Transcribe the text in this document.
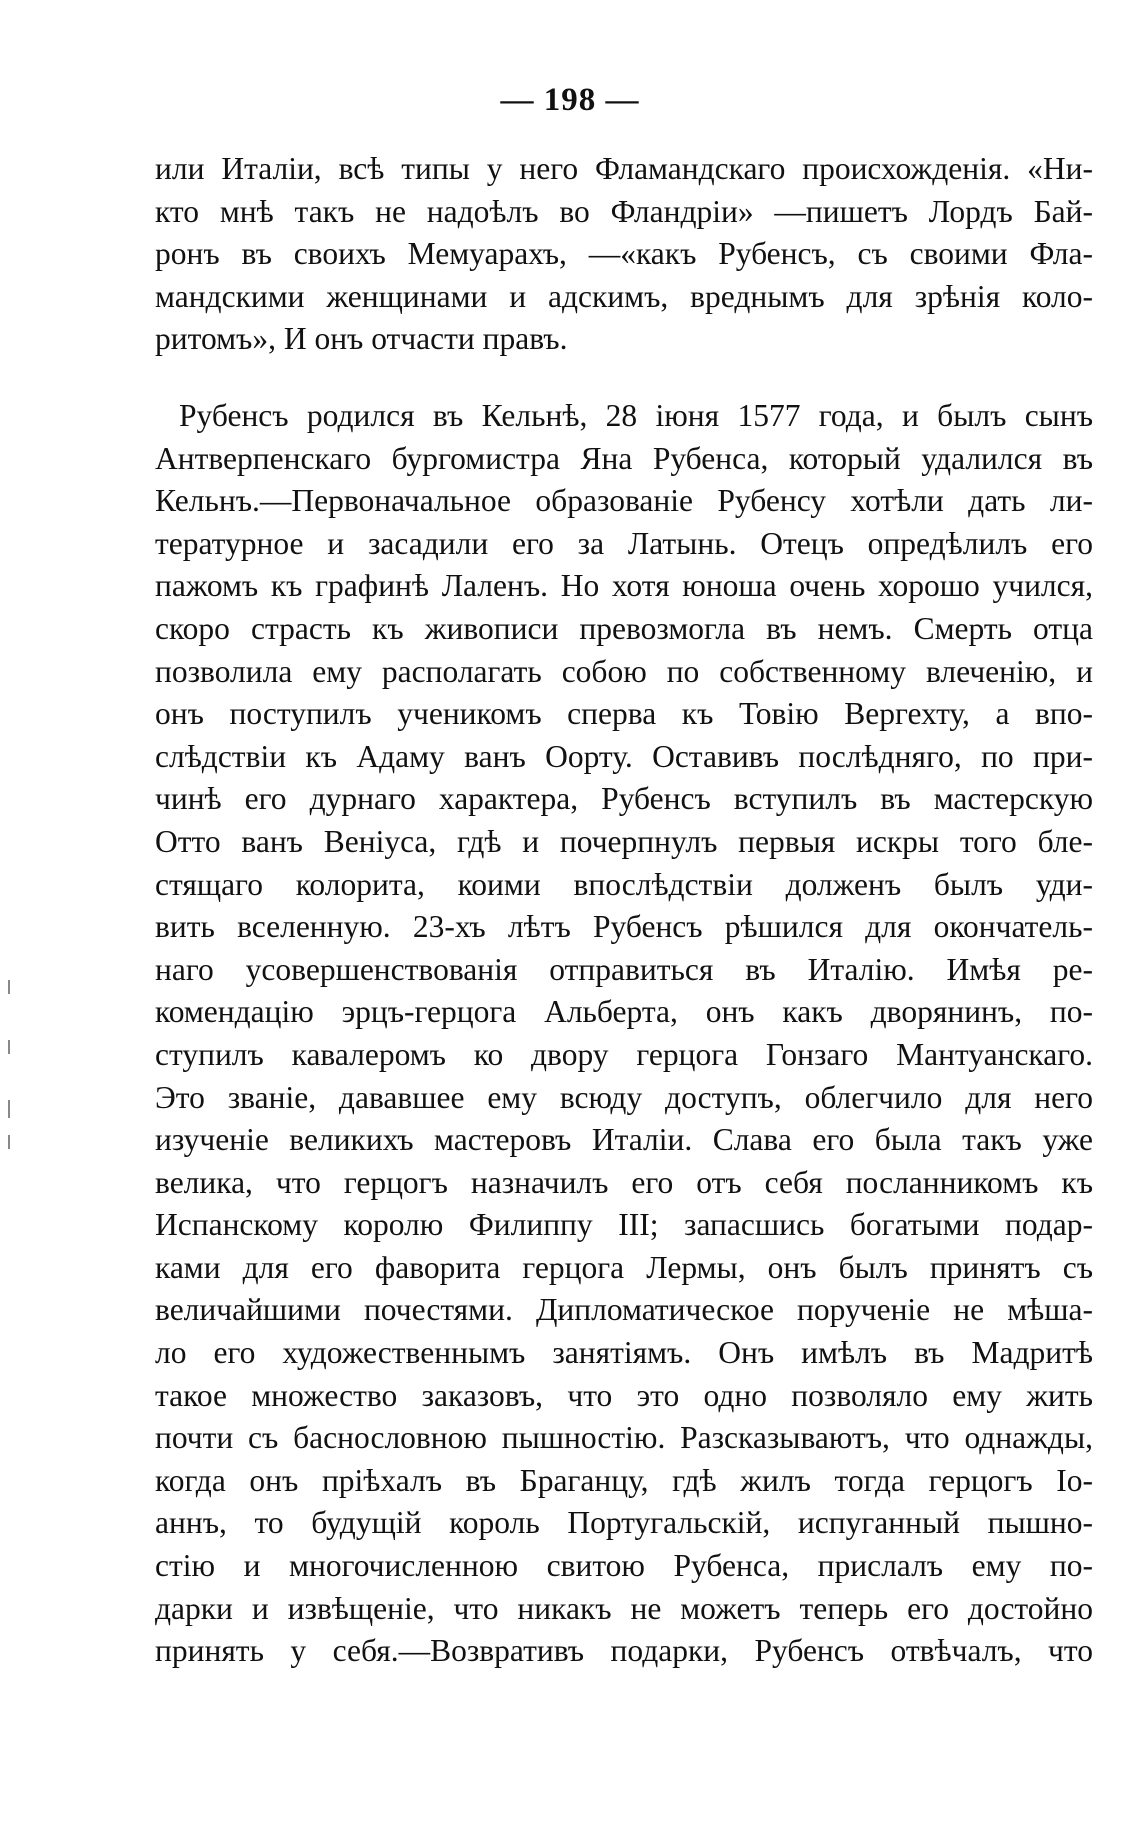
— 198 —
или Италіи, всѣ типы у него Фламандскаго происхожденія. «Ни-
кто мнѣ такъ не надоѣлъ во Фландріи» —пишетъ Лордъ Бай-
ронъ въ своихъ Мемуарахъ, —«какъ Рубенсъ, съ своими Фла-
мандскими женщинами и адскимъ, вреднымъ для зрѣнія коло-
ритомъ», И онъ отчасти правъ.
Рубенсъ родился въ Кельнѣ, 28 іюня 1577 года, и былъ сынъ
Антверпенскаго бургомистра Яна Рубенса, который удалился въ
Кельнъ.—Первоначальное образованіе Рубенсу хотѣли дать ли-
тературное и засадили его за Латынь. Отецъ опредѣлилъ его
пажомъ къ графинѣ Лаленъ. Но хотя юноша очень хорошо учился,
скоро страсть къ живописи превозмогла въ немъ. Смерть отца
позволила ему располагать собою по собственному влеченію, и
онъ поступилъ ученикомъ сперва къ Товію Вергехту, а впо-
слѣдствіи къ Адаму ванъ Оорту. Оставивъ послѣдняго, по при-
чинѣ его дурнаго характера, Рубенсъ вступилъ въ мастерскую
Отто ванъ Веніуса, гдѣ и почерпнулъ первыя искры того бле-
стящаго колорита, коими впослѣдствіи долженъ былъ уди-
вить вселенную. 23-хъ лѣтъ Рубенсъ рѣшился для окончатель-
наго усовершенствованія отправиться въ Италію. Имѣя ре-
комендацію эрцъ-герцога Альберта, онъ какъ дворянинъ, по-
ступилъ кавалеромъ ко двору герцога Гонзаго Мантуанскаго.
Это званіе, дававшее ему всюду доступъ, облегчило для него
изученіе великихъ мастеровъ Италіи. Слава его была такъ уже
велика, что герцогъ назначилъ его отъ себя посланникомъ къ
Испанскому королю Филиппу III; запасшись богатыми подар-
ками для его фаворита герцога Лермы, онъ былъ принятъ съ
величайшими почестями. Дипломатическое порученіе не мѣша-
ло его художественнымъ занятіямъ. Онъ имѣлъ въ Мадритѣ
такое множество заказовъ, что это одно позволяло ему жить
почти съ баснословною пышностію. Разсказываютъ, что однажды,
когда онъ пріѣхалъ въ Браганцу, гдѣ жилъ тогда герцогъ Іо-
аннъ, то будущій король Португальскій, испуганный пышно-
стію и многочисленною свитою Рубенса, прислалъ ему по-
дарки и извѣщеніе, что никакъ не можетъ теперь его достойно
принять у себя.—Возвративъ подарки, Рубенсъ отвѣчалъ, что
